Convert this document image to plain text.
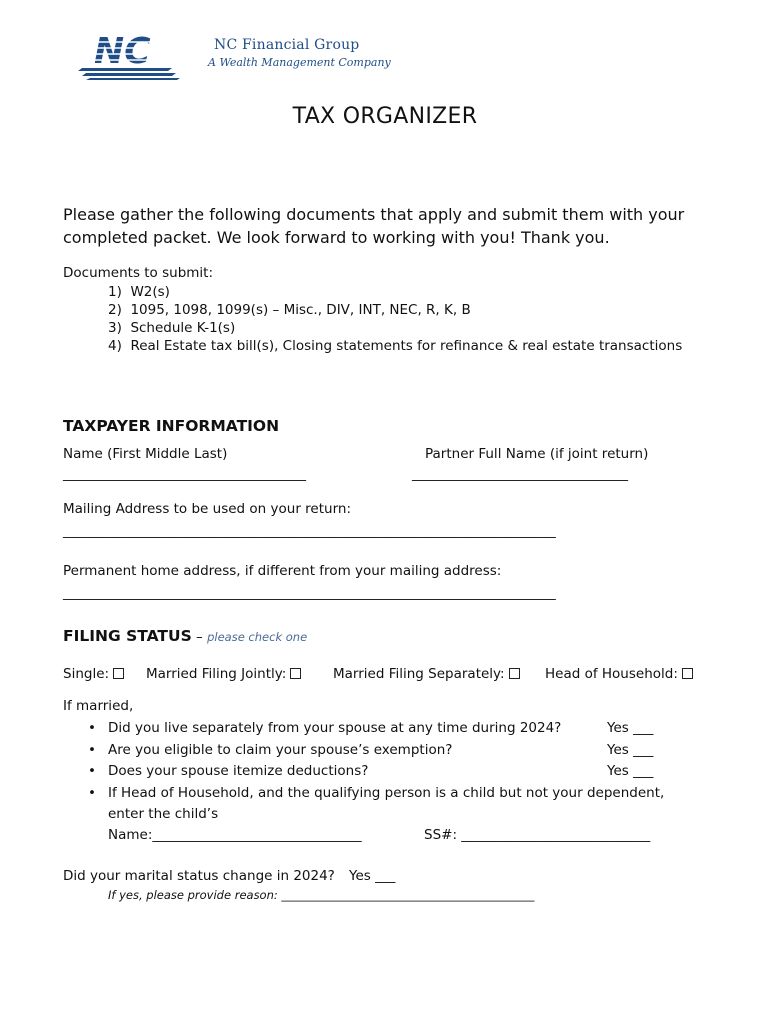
NC	NC Financial Group
A Wealth Management Company
TAX ORGANIZER
Please gather the following documents that apply and submit them with your
completed packet. We look forward to working with you! Thank you.
Documents to submit:
1)  W2(s)
2)  1095, 1098, 1099(s) – Misc., DIV, INT, NEC, R, K, B
3)  Schedule K-1(s)
4)  Real Estate tax bill(s), Closing statements for refinance & real estate transactions
TAXPAYER INFORMATION
Name (First Middle Last)	Partner Full Name (if joint return)
____________________________________	________________________________
Mailing Address to be used on your return:
_________________________________________________________________________
Permanent home address, if different from your mailing address:
_________________________________________________________________________
FILING STATUS – please check one
Single:	Married Filing Jointly:	Married Filing Separately:	Head of Household:
If married,
• Did you live separately from your spouse at any time during 2024?	Yes ___
• Are you eligible to claim your spouse’s exemption?	Yes ___
• Does your spouse itemize deductions?	Yes ___
• If Head of Household, and the qualifying person is a child but not your dependent,
enter the child’s
Name:_______________________________	SS#: ____________________________
Did your marital status change in 2024? Yes ___
If yes, please provide reason: ____________________________________________
